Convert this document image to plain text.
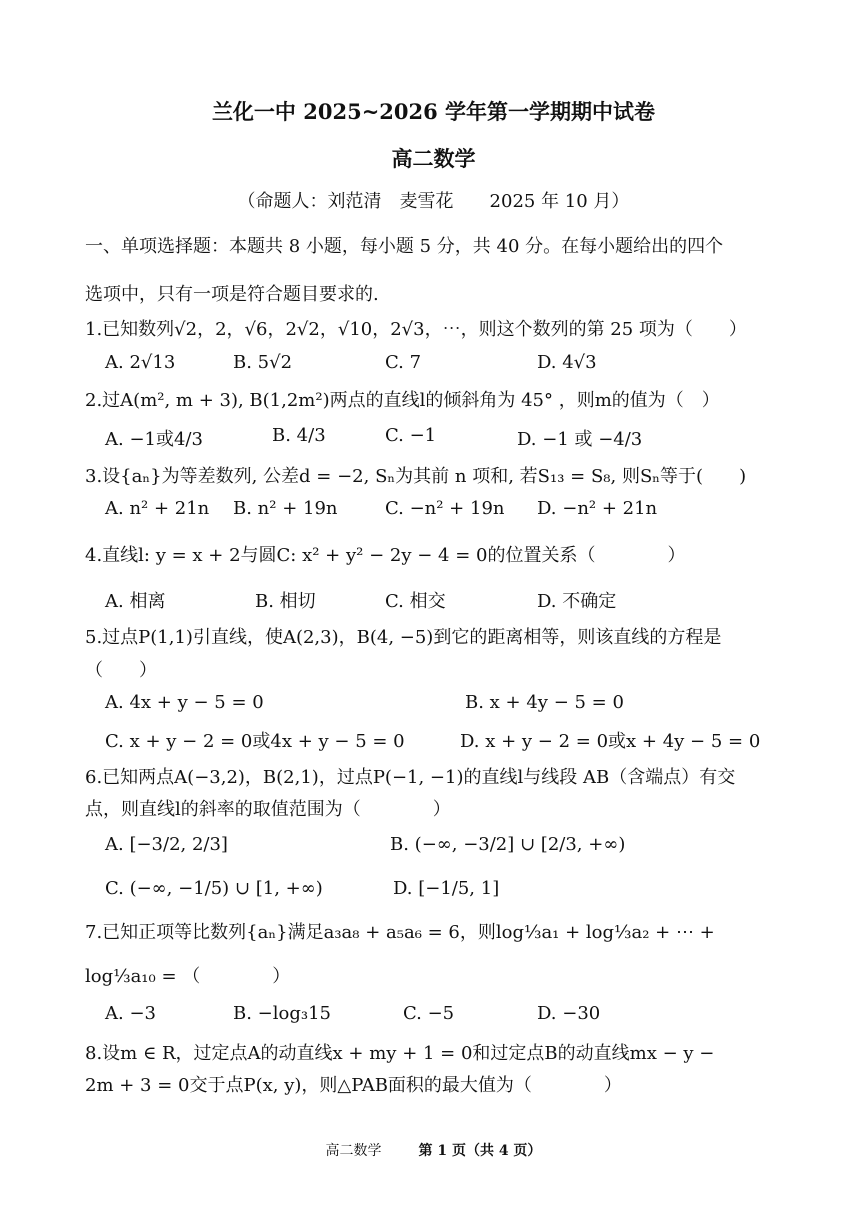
兰化一中 2025~2026 学年第一学期期中试卷
高二数学
（命题人：刘范清　麦雪花　　2025 年 10 月）
一、单项选择题：本题共 8 小题，每小题 5 分，共 40 分。在每小题给出的四个
选项中，只有一项是符合题目要求的.
1.已知数列√2，2，√6，2√2，√10，2√3，⋯，则这个数列的第 25 项为（　　）
A. 2√13	B. 5√2	C. 7	D. 4√3
2.过A(m², m + 3), B(1,2m²)两点的直线l的倾斜角为 45° ，则m的值为（　）
A. −1或4/3	B. 4/3	C. −1	D. −1 或 −4/3
3.设{aₙ}为等差数列, 公差d = −2, Sₙ为其前 n 项和, 若S₁₃ = S₈, 则Sₙ等于(　　)
A. n² + 21n B. n² + 19n	C. −n² + 19n D. −n² + 21n
4.直线l: y = x + 2与圆C: x² + y² − 2y − 4 = 0的位置关系（　　　　）
A. 相离	B. 相切	C. 相交	D. 不确定
5.过点P(1,1)引直线，使A(2,3)，B(4, −5)到它的距离相等，则该直线的方程是
（　　）
A. 4x + y − 5 = 0	B. x + 4y − 5 = 0
C. x + y − 2 = 0或4x + y − 5 = 0	D. x + y − 2 = 0或x + 4y − 5 = 0
6.已知两点A(−3,2)，B(2,1)，过点P(−1, −1)的直线l与线段 AB（含端点）有交
点，则直线l的斜率的取值范围为（　　　　）
A. [−3/2, 2/3]	B. (−∞, −3/2] ∪ [2/3, +∞)
C. (−∞, −1/5) ∪ [1, +∞)	D. [−1/5, 1]
7.已知正项等比数列{aₙ}满足a₃a₈ + a₅a₆ = 6，则log⅓a₁ + log⅓a₂ + ⋯ +
log⅓a₁₀ = （　　　　）
A. −3	B. −log₃15	C. −5	D. −30
8.设m ∈ R，过定点A的动直线x + my + 1 = 0和过定点B的动直线mx − y −
2m + 3 = 0交于点P(x, y)，则△PAB面积的最大值为（　　　　）
高二数学 　　	第 1 页（共 4 页）
